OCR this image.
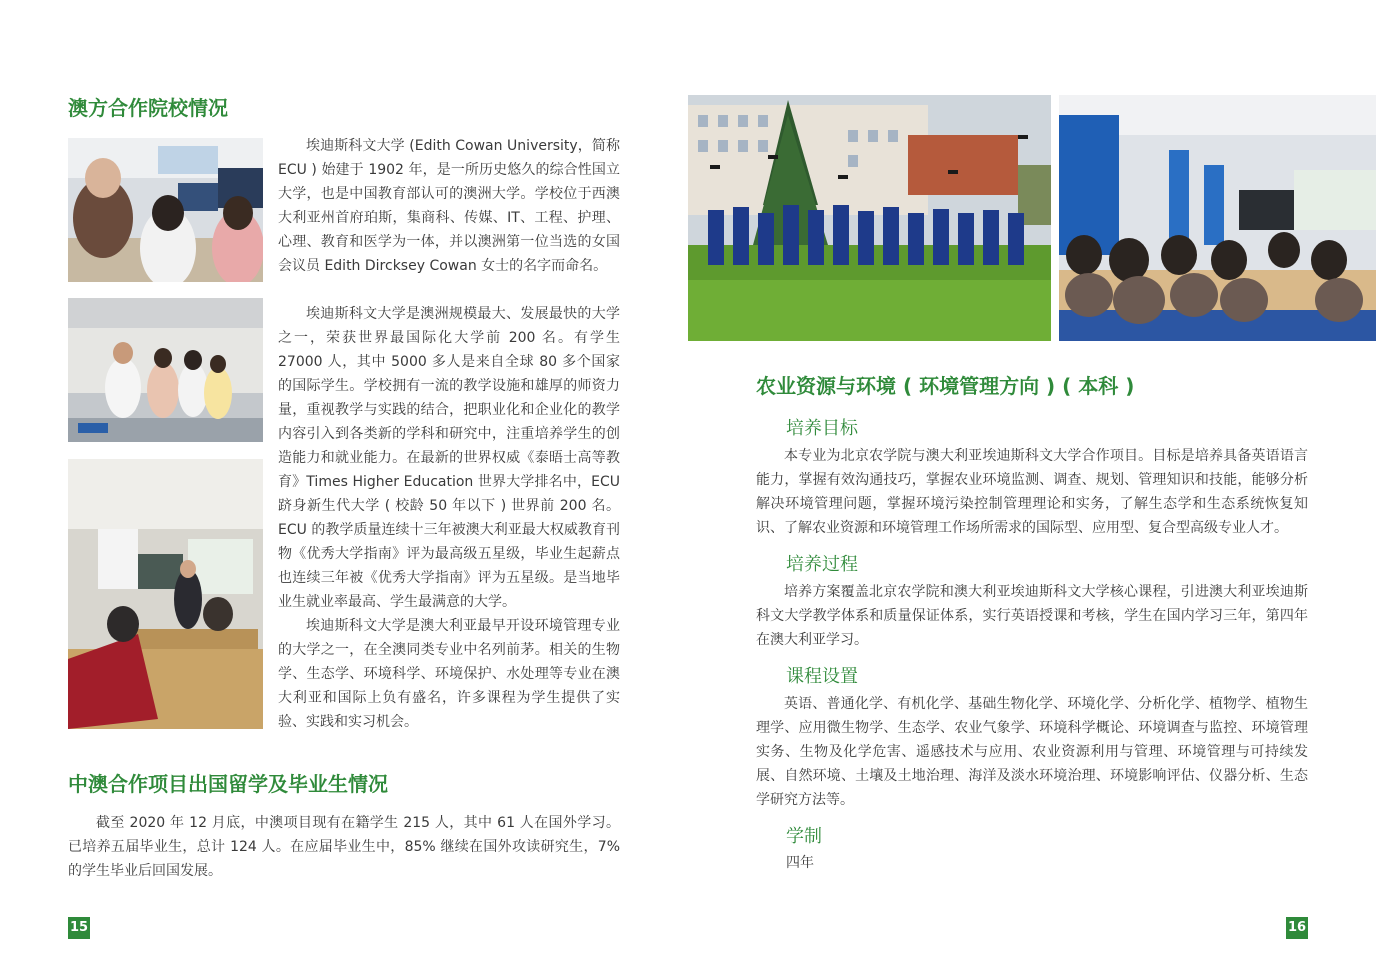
澳方合作院校情况

埃迪斯科文大学 (Edith Cowan University，简称 ECU ) 始建于 1902 年，是一所历史悠久的综合性国立大学，也是中国教育部认可的澳洲大学。学校位于西澳大利亚州首府珀斯，集商科、传媒、IT、工程、护理、心理、教育和医学为一体，并以澳洲第一位当选的女国会议员 Edith Dircksey Cowan 女士的名字而命名。

埃迪斯科文大学是澳洲规模最大、发展最快的大学之一，荣获世界最国际化大学前 200 名。有学生 27000 人，其中 5000 多人是来自全球 80 多个国家的国际学生。学校拥有一流的教学设施和雄厚的师资力量，重视教学与实践的结合，把职业化和企业化的教学内容引入到各类新的学科和研究中，注重培养学生的创造能力和就业能力。在最新的世界权威《泰晤士高等教育》Times Higher Education 世界大学排名中，ECU 跻身新生代大学 ( 校龄 50 年以下 ) 世界前 200 名。ECU 的教学质量连续十三年被澳大利亚最大权威教育刊物《优秀大学指南》评为最高级五星级，毕业生起薪点也连续三年被《优秀大学指南》评为五星级。是当地毕业生就业率最高、学生最满意的大学。

埃迪斯科文大学是澳大利亚最早开设环境管理专业的大学之一，在全澳同类专业中名列前茅。相关的生物学、生态学、环境科学、环境保护、水处理等专业在澳大利亚和国际上负有盛名，许多课程为学生提供了实验、实践和实习机会。

中澳合作项目出国留学及毕业生情况

截至 2020 年 12 月底，中澳项目现有在籍学生 215 人，其中 61 人在国外学习。已培养五届毕业生，总计 124 人。在应届毕业生中，85% 继续在国外攻读研究生，7% 的学生毕业后回国发展。

15
农业资源与环境 ( 环境管理方向 ) ( 本科 )
培养目标

本专业为北京农学院与澳大利亚埃迪斯科文大学合作项目。目标是培养具备英语语言能力，掌握有效沟通技巧，掌握农业环境监测、调查、规划、管理知识和技能，能够分析解决环境管理问题，掌握环境污染控制管理理论和实务，了解生态学和生态系统恢复知识、了解农业资源和环境管理工作场所需求的国际型、应用型、复合型高级专业人才。

培养过程

培养方案覆盖北京农学院和澳大利亚埃迪斯科文大学核心课程，引进澳大利亚埃迪斯科文大学教学体系和质量保证体系，实行英语授课和考核，学生在国内学习三年，第四年在澳大利亚学习。

课程设置

英语、普通化学、有机化学、基础生物化学、环境化学、分析化学、植物学、植物生理学、应用微生物学、生态学、农业气象学、环境科学概论、环境调查与监控、环境管理实务、生物及化学危害、遥感技术与应用、农业资源利用与管理、环境管理与可持续发展、自然环境、土壤及土地治理、海洋及淡水环境治理、环境影响评估、仪器分析、生态学研究方法等。

学制

四年

16
